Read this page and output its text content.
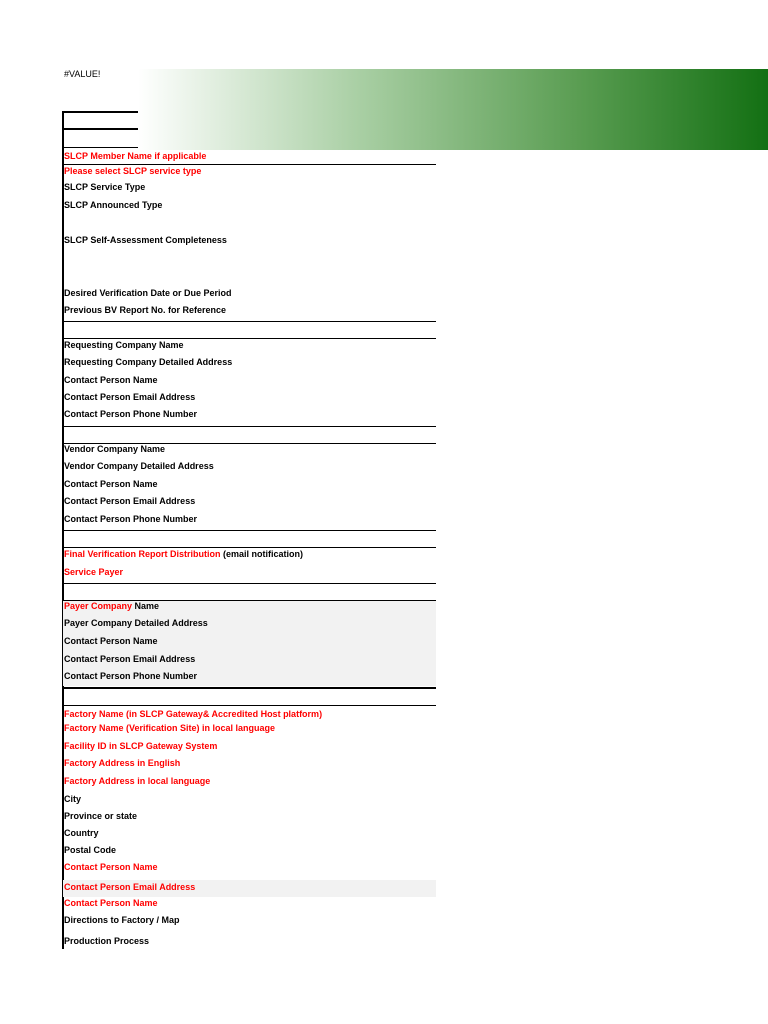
#VALUE!
SLCP Member Name if applicable
Please select SLCP service type
SLCP Service Type
SLCP Announced Type
SLCP Self-Assessment Completeness
Desired Verification Date or Due Period
Previous BV Report No. for Reference
Requesting Company Name
Requesting Company Detailed Address
Contact Person Name
Contact Person Email Address
Contact Person Phone Number
Vendor Company Name
Vendor Company Detailed Address
Contact Person Name
Contact Person Email Address
Contact Person Phone Number
Final Verification Report Distribution (email notification)
Service Payer
Payer Company Name
Payer Company Detailed Address
Contact Person Name
Contact Person Email Address
Contact Person Phone Number
Factory Name (in SLCP Gateway& Accredited Host platform)
Factory Name (Verification Site) in local language
Facility ID in SLCP Gateway System
Factory Address in English
Factory Address in local language
City
Province or state
Country
Postal Code
Contact Person Name
Contact Person Email Address
Contact Person Name
Directions to Factory / Map
Production Process
